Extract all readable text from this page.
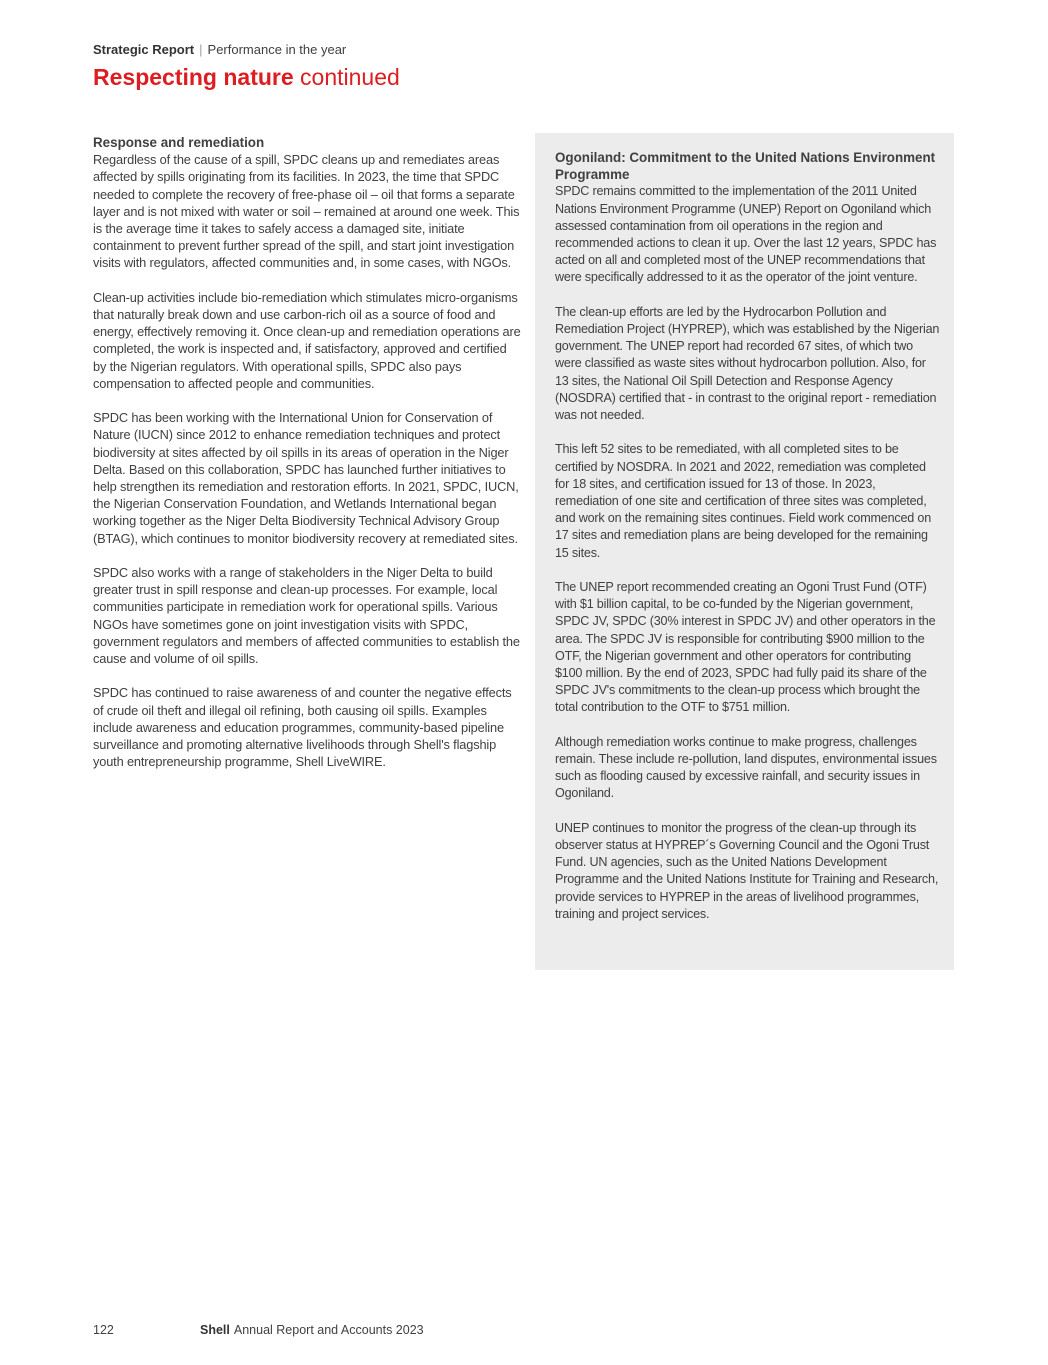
Strategic Report | Performance in the year
Respecting nature continued
Response and remediation

Regardless of the cause of a spill, SPDC cleans up and remediates areas affected by spills originating from its facilities. In 2023, the time that SPDC needed to complete the recovery of free-phase oil – oil that forms a separate layer and is not mixed with water or soil – remained at around one week. This is the average time it takes to safely access a damaged site, initiate containment to prevent further spread of the spill, and start joint investigation visits with regulators, affected communities and, in some cases, with NGOs.

Clean-up activities include bio-remediation which stimulates micro-organisms that naturally break down and use carbon-rich oil as a source of food and energy, effectively removing it. Once clean-up and remediation operations are completed, the work is inspected and, if satisfactory, approved and certified by the Nigerian regulators. With operational spills, SPDC also pays compensation to affected people and communities.

SPDC has been working with the International Union for Conservation of Nature (IUCN) since 2012 to enhance remediation techniques and protect biodiversity at sites affected by oil spills in its areas of operation in the Niger Delta. Based on this collaboration, SPDC has launched further initiatives to help strengthen its remediation and restoration efforts. In 2021, SPDC, IUCN, the Nigerian Conservation Foundation, and Wetlands International began working together as the Niger Delta Biodiversity Technical Advisory Group (BTAG), which continues to monitor biodiversity recovery at remediated sites.

SPDC also works with a range of stakeholders in the Niger Delta to build greater trust in spill response and clean-up processes. For example, local communities participate in remediation work for operational spills. Various NGOs have sometimes gone on joint investigation visits with SPDC, government regulators and members of affected communities to establish the cause and volume of oil spills.

SPDC has continued to raise awareness of and counter the negative effects of crude oil theft and illegal oil refining, both causing oil spills. Examples include awareness and education programmes, community-based pipeline surveillance and promoting alternative livelihoods through Shell's flagship youth entrepreneurship programme, Shell LiveWIRE.

Ogoniland: Commitment to the United Nations Environment Programme

SPDC remains committed to the implementation of the 2011 United Nations Environment Programme (UNEP) Report on Ogoniland which assessed contamination from oil operations in the region and recommended actions to clean it up. Over the last 12 years, SPDC has acted on all and completed most of the UNEP recommendations that were specifically addressed to it as the operator of the joint venture.

The clean-up efforts are led by the Hydrocarbon Pollution and Remediation Project (HYPREP), which was established by the Nigerian government. The UNEP report had recorded 67 sites, of which two were classified as waste sites without hydrocarbon pollution. Also, for 13 sites, the National Oil Spill Detection and Response Agency (NOSDRA) certified that - in contrast to the original report - remediation was not needed.

This left 52 sites to be remediated, with all completed sites to be certified by NOSDRA. In 2021 and 2022, remediation was completed for 18 sites, and certification issued for 13 of those. In 2023, remediation of one site and certification of three sites was completed, and work on the remaining sites continues. Field work commenced on 17 sites and remediation plans are being developed for the remaining 15 sites.

The UNEP report recommended creating an Ogoni Trust Fund (OTF) with $1 billion capital, to be co-funded by the Nigerian government, SPDC JV, SPDC (30% interest in SPDC JV) and other operators in the area. The SPDC JV is responsible for contributing $900 million to the OTF, the Nigerian government and other operators for contributing $100 million. By the end of 2023, SPDC had fully paid its share of the SPDC JV's commitments to the clean-up process which brought the total contribution to the OTF to $751 million.

Although remediation works continue to make progress, challenges remain. These include re-pollution, land disputes, environmental issues such as flooding caused by excessive rainfall, and security issues in Ogoniland.

UNEP continues to monitor the progress of the clean-up through its observer status at HYPREP´s Governing Council and the Ogoni Trust Fund. UN agencies, such as the United Nations Development Programme and the United Nations Institute for Training and Research, provide services to HYPREP in the areas of livelihood programmes, training and project services.

122	Shell Annual Report and Accounts 2023
